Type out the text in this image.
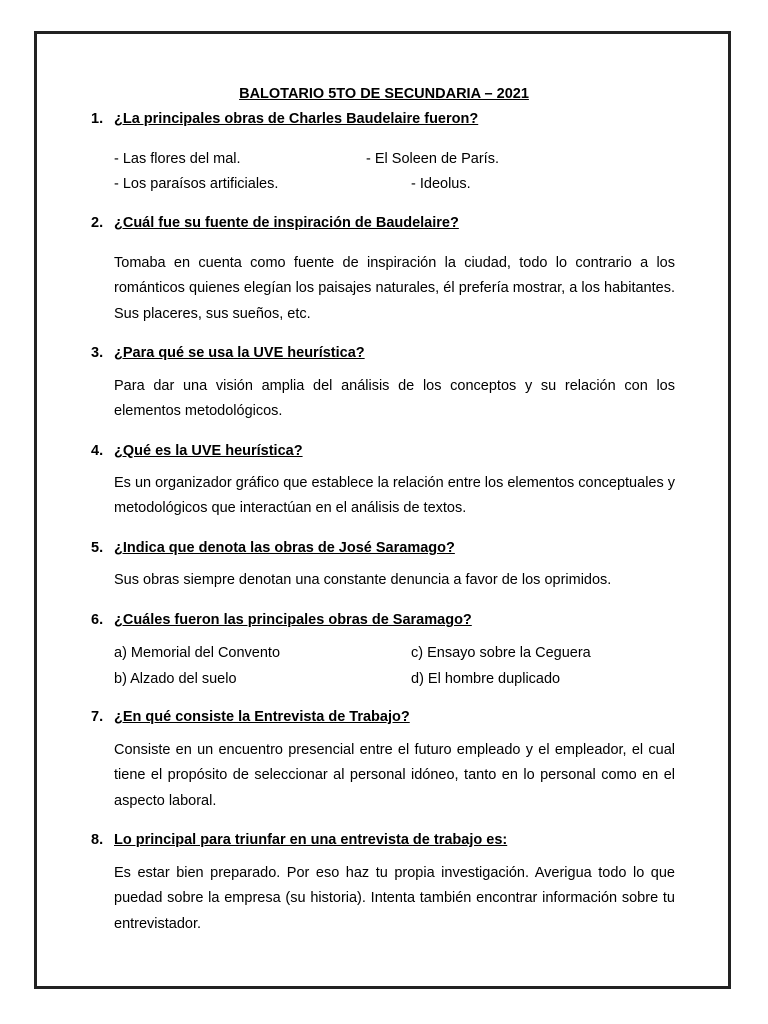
BALOTARIO 5TO DE SECUNDARIA – 2021
1. ¿La principales obras de Charles Baudelaire fueron?
- Las flores del mal.	- El Soleen de París.
- Los paraísos artificiales.	- Ideolus.
2. ¿Cuál fue su fuente de inspiración de Baudelaire?
Tomaba en cuenta como fuente de inspiración la ciudad, todo lo contrario a los románticos quienes elegían los paisajes naturales, él prefería mostrar, a los habitantes. Sus placeres, sus sueños, etc.
3. ¿Para qué se usa la UVE heurística?
Para dar una visión amplia del análisis de los conceptos y su relación con los elementos metodológicos.
4. ¿Qué es la UVE heurística?
Es un organizador gráfico que establece la relación entre los elementos conceptuales y metodológicos que interactúan en el análisis de textos.
5. ¿Indica que denota las obras de José Saramago?
Sus obras siempre denotan una constante denuncia a favor de los oprimidos.
6. ¿Cuáles fueron las principales obras de Saramago?
a) Memorial del Convento	c) Ensayo sobre la Ceguera
b) Alzado del suelo	d) El hombre duplicado
7. ¿En qué consiste la Entrevista de Trabajo?
Consiste en un encuentro presencial entre el futuro empleado y el empleador, el cual tiene el propósito de seleccionar al personal idóneo, tanto en lo personal como en el aspecto laboral.
8. Lo principal para triunfar en una entrevista de trabajo es:
Es estar bien preparado. Por eso haz tu propia investigación. Averigua todo lo que puedad sobre la empresa (su historia). Intenta también encontrar información sobre tu entrevistador.
